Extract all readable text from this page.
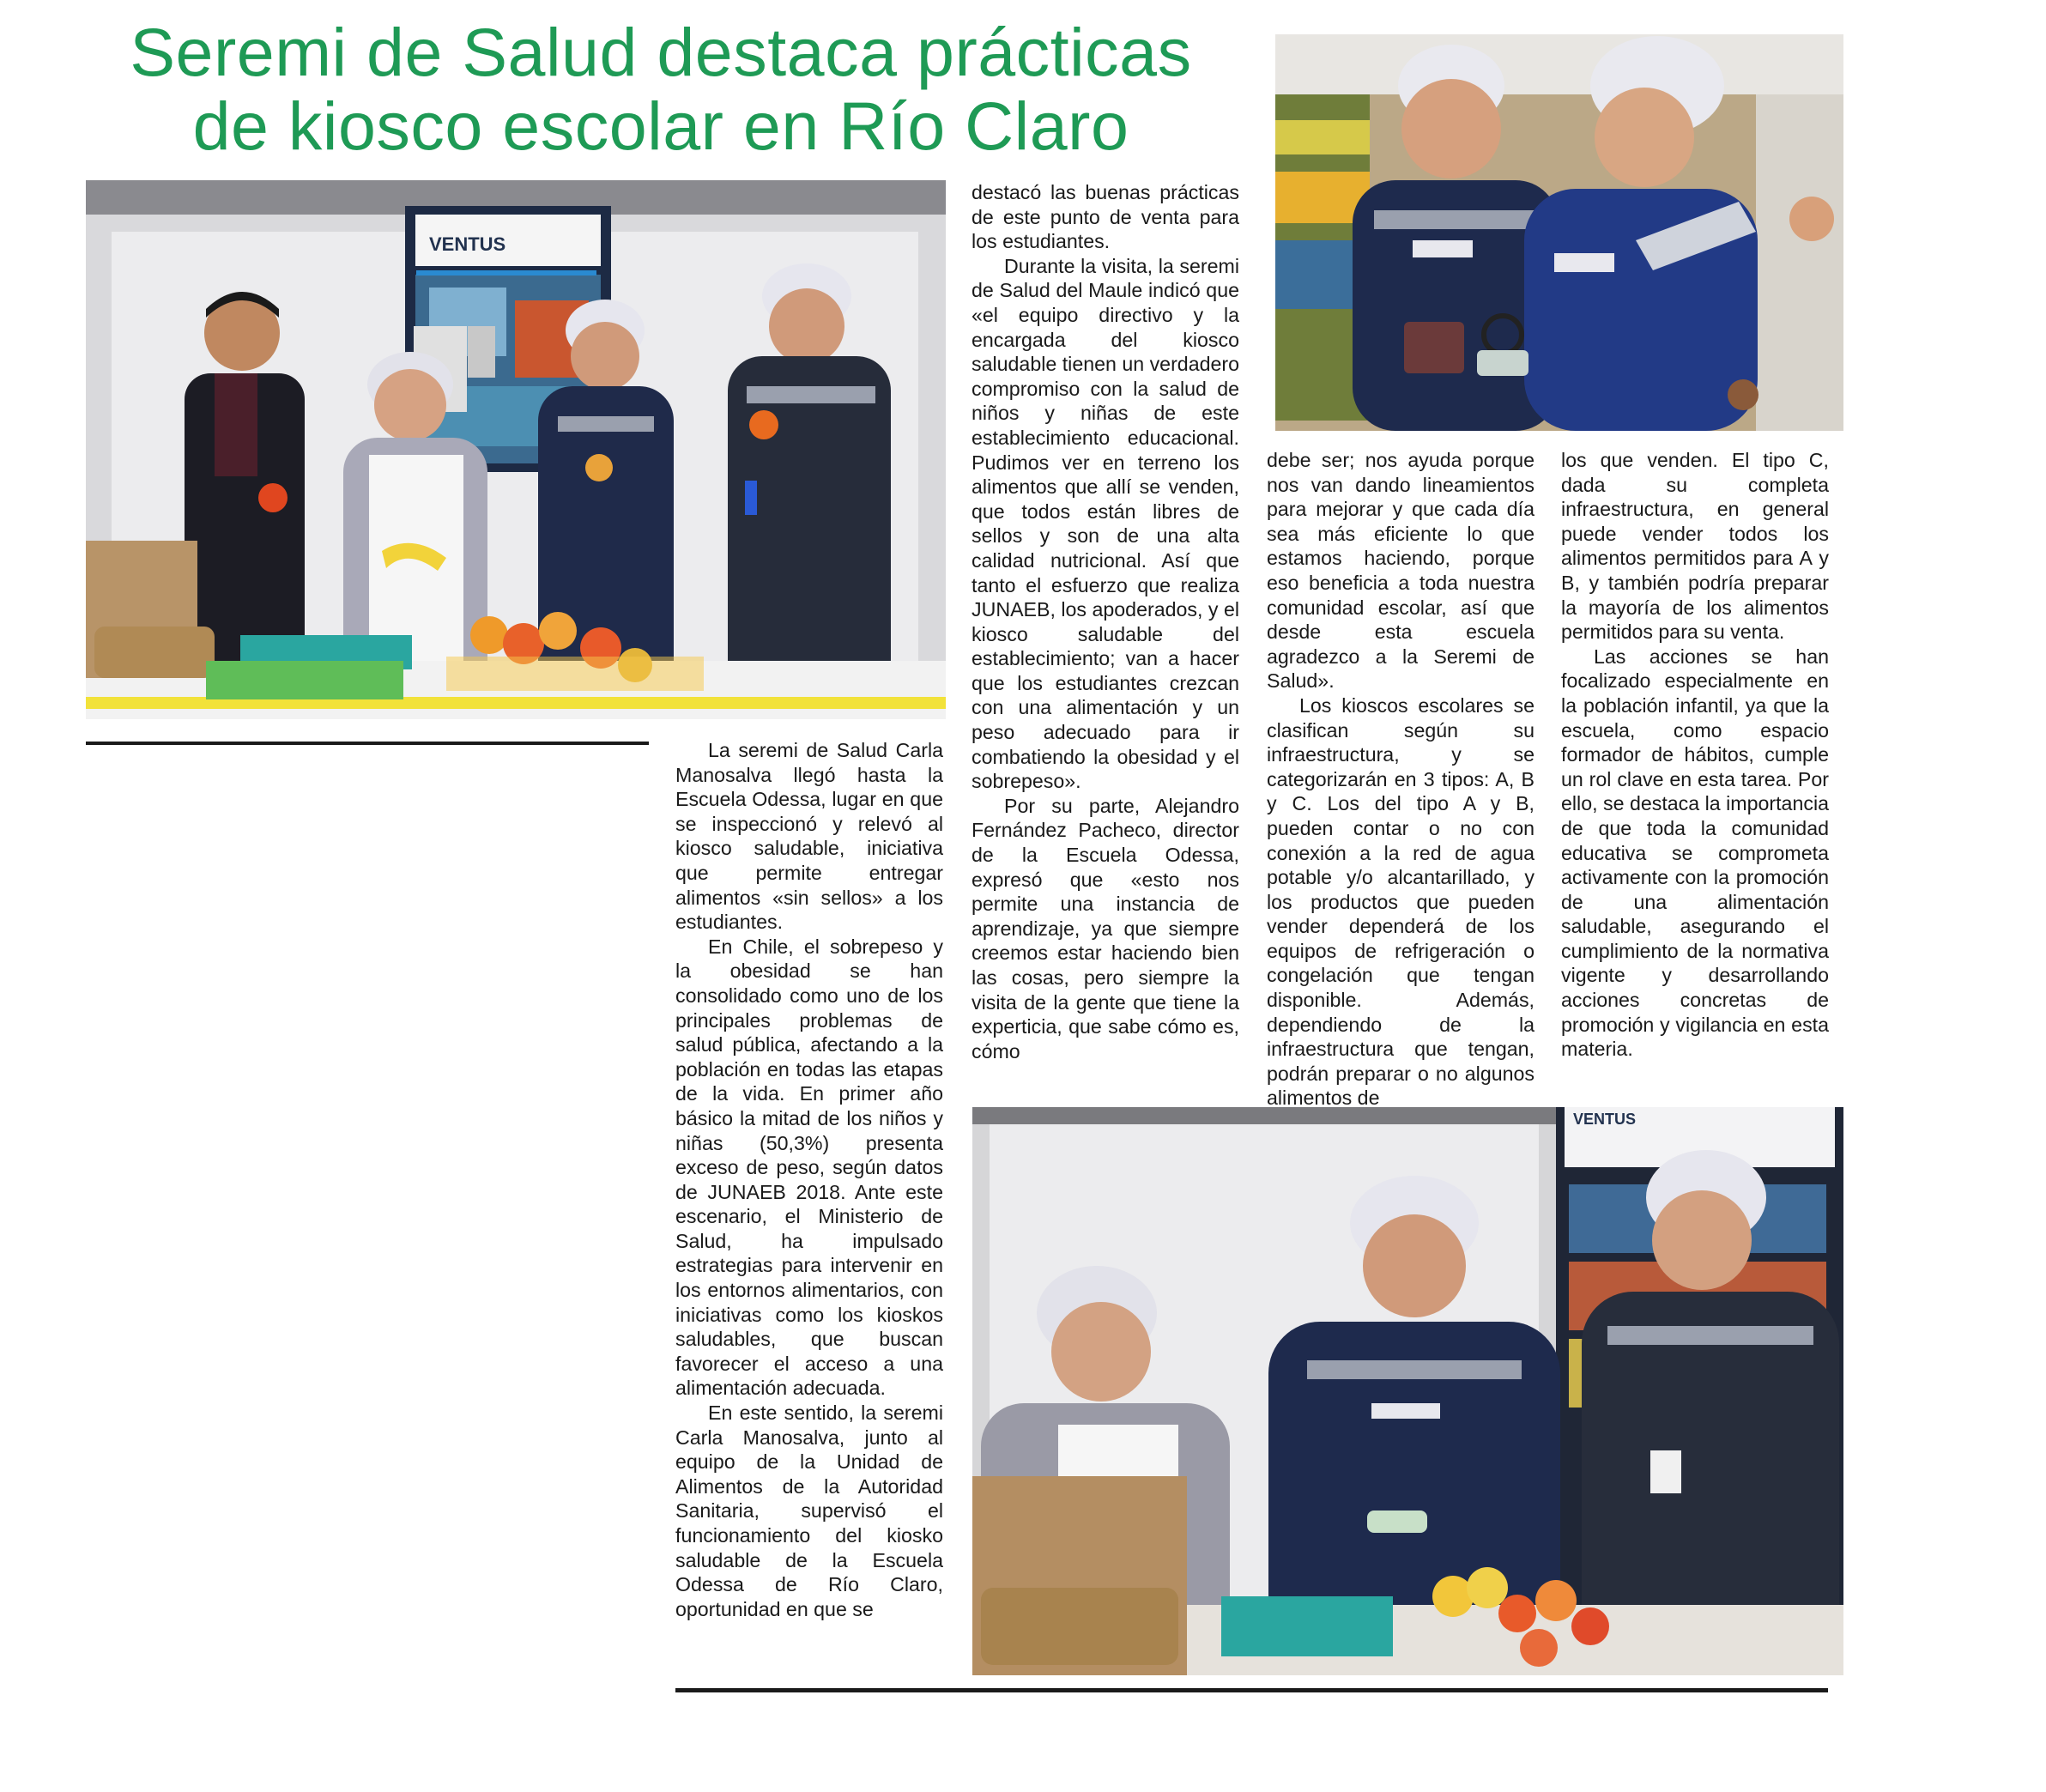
Seremi de Salud destaca prácticas de kiosco escolar en Río Claro
VENTUS
VENTUS

La seremi de Salud Carla Manosalva llegó hasta la Escuela Odessa, lugar en que se inspeccionó y relevó al kiosco saludable, iniciativa que permite entregar alimentos «sin sellos» a los estudiantes.

En Chile, el sobrepeso y la obesidad se han consolidado como uno de los principales problemas de salud pública, afectando a la población en todas las etapas de la vida. En primer año básico la mitad de los niños y niñas (50,3%) presenta exceso de peso, según datos de JUNAEB 2018. Ante este escenario, el Ministerio de Salud, ha impulsado estrategias para intervenir en los entornos alimentarios, con iniciativas como los kioskos saludables, que buscan favorecer el acceso a una alimentación adecuada.

En este sentido, la seremi Carla Manosalva, junto al equipo de la Unidad de Alimentos de la Autoridad Sanitaria, supervisó el funcionamiento del kiosko saludable de la Escuela Odessa de Río Claro, oportunidad en que se

destacó las buenas prácticas de este punto de venta para los estudiantes.

Durante la visita, la seremi de Salud del Maule indicó que «el equipo directivo y la encargada del kiosco saludable tienen un verdadero compromiso con la salud de niños y niñas de este establecimiento educacional. Pudimos ver en terreno los alimentos que allí se venden, que todos están libres de sellos y son de una alta calidad nutricional. Así que tanto el esfuerzo que realiza JUNAEB, los apoderados, y el kiosco saludable del establecimiento; van a hacer que los estudiantes crezcan con una alimentación y un peso adecuado para ir combatiendo la obesidad y el sobrepeso».

Por su parte, Alejandro Fernández Pacheco, director de la Escuela Odessa, expresó que «esto nos permite una instancia de aprendizaje, ya que siempre creemos estar haciendo bien las cosas, pero siempre la visita de la gente que tiene la experticia, que sabe cómo es, cómo

debe ser; nos ayuda porque nos van dando lineamientos para mejorar y que cada día sea más eficiente lo que estamos haciendo, porque eso beneficia a toda nuestra comunidad escolar, así que desde esta escuela agradezco a la Seremi de Salud».

Los kioscos escolares se clasifican según su infraestructura, y se categorizarán en 3 tipos: A, B y C. Los del tipo A y B, pueden contar o no con conexión a la red de agua potable y/o alcantarillado, y los productos que pueden vender dependerá de los equipos de refrigeración o congelación que tengan disponible. Además, dependiendo de la infraestructura que tengan, podrán preparar o no algunos alimentos de

los que venden. El tipo C, dada su completa infraestructura, en general puede vender todos los alimentos permitidos para A y B, y también podría preparar la mayoría de los alimentos permitidos para su venta.

Las acciones se han focalizado especialmente en la población infantil, ya que la escuela, como espacio formador de hábitos, cumple un rol clave en esta tarea. Por ello, se destaca la importancia de que toda la comunidad educativa se comprometa activamente con la promoción de una alimentación saludable, asegurando el cumplimiento de la normativa vigente y desarrollando acciones concretas de promoción y vigilancia en esta materia.
